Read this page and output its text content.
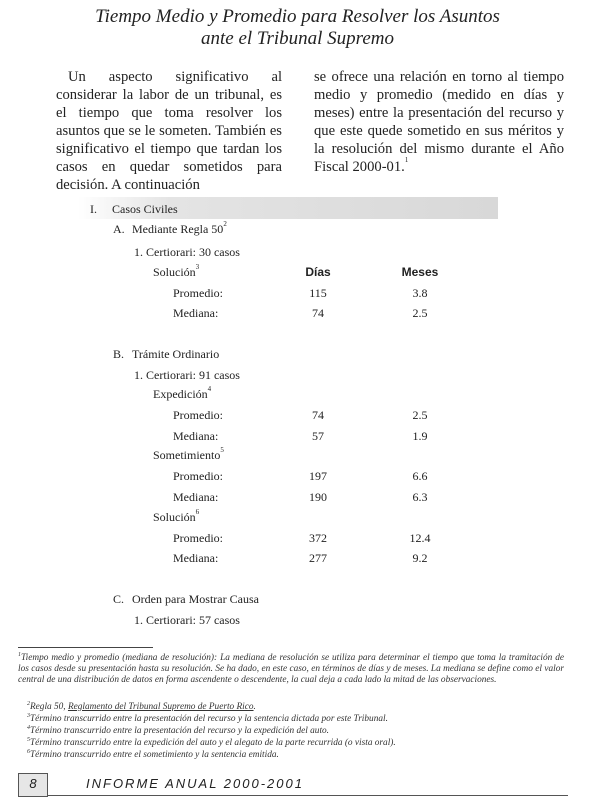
Tiempo Medio y Promedio para Resolver los Asuntos
ante el Tribunal Supremo

Un aspecto significativo al considerar la labor de un tribunal, es el tiempo que toma resolver los asuntos que se le someten. También es significativo el tiempo que tardan los casos en quedar sometidos para decisión. A continuación

se ofrece una relación en torno al tiempo medio y promedio (medido en días y meses) entre la presentación del recurso y que este quede sometido en sus méritos y la resolución del mismo durante el Año Fiscal 2000-01.$^1$

I. Casos Civiles
A. Mediante Regla $50^2$
1. Certiorari: 30 casos
Solución$^3$	Días	Meses
Promedio:	115	3.8
Mediana:	74	2.5
B. Trámite Ordinario
1. Certiorari: 91 casos
Expedición$^4$
Promedio:	74	2.5
Mediana:	57	1.9
Sometimiento$^5$
Promedio:	197	6.6
Mediana:	190	6.3
Solución$^6$
Promedio:	372	12.4
Mediana:	277	9.2
C. Orden para Mostrar Causa
1. Certiorari: 57 casos
$^1$Tiempo medio y promedio (mediana de resolución): La mediana de resolución se utiliza para determinar el tiempo que toma la tramitación de los casos desde su presentación hasta su resolución. Se ha dado, en este caso, en términos de días y de meses. La mediana se define como el valor central de una distribución de datos en forma ascendente o descendente, la cual deja a cada lado la mitad de las observaciones.
$^2$Regla 50, Reglamento del Tribunal Supremo de Puerto Rico.
$^3$Término transcurrido entre la presentación del recurso y la sentencia dictada por este Tribunal.
$^4$Término transcurrido entre la presentación del recurso y la expedición del auto.
$^5$Término transcurrido entre la expedición del auto y el alegato de la parte recurrida (o vista oral).
$^6$Término transcurrido entre el sometimiento y la sentencia emitida.
8	INFORME ANUAL 2000-2001
